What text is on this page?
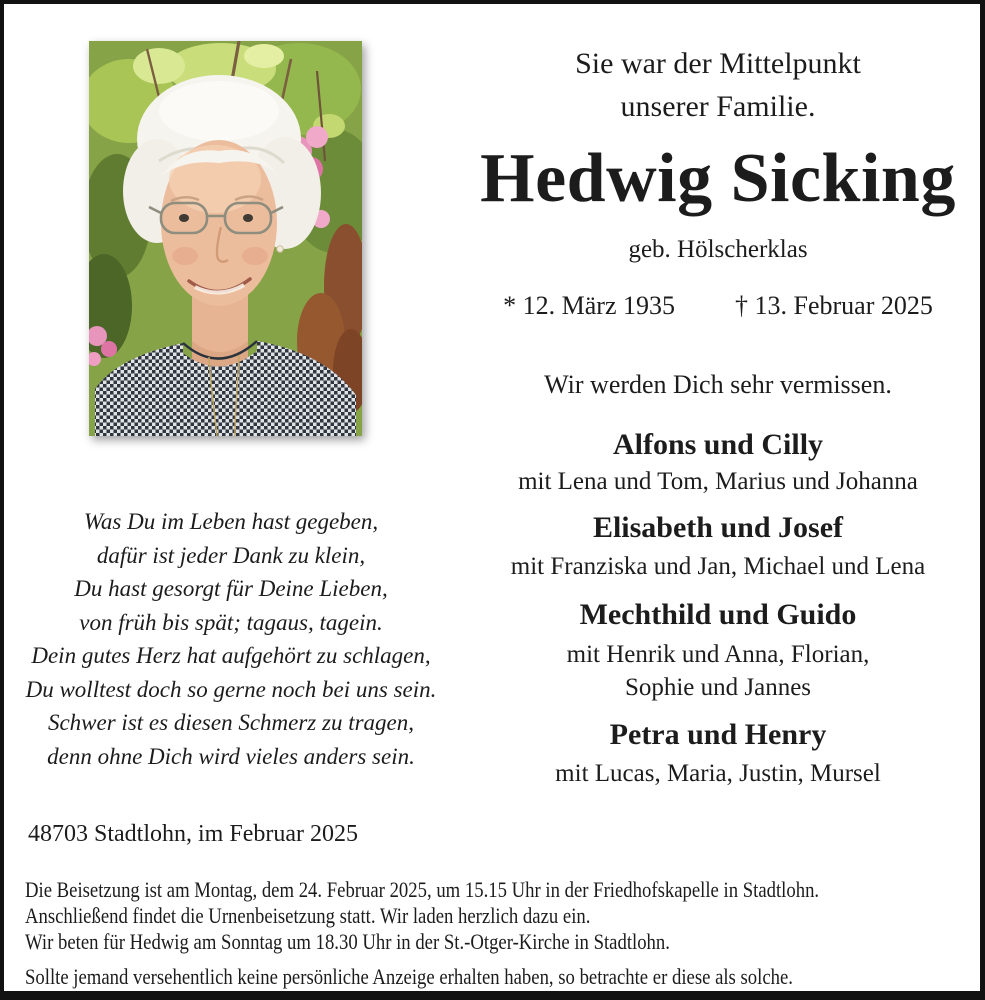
Was Du im Leben hast gegeben,
dafür ist jeder Dank zu klein,
Du hast gesorgt für Deine Lieben,
von früh bis spät; tagaus, tagein.
Dein gutes Herz hat aufgehört zu schlagen,
Du wolltest doch so gerne noch bei uns sein.
Schwer ist es diesen Schmerz zu tragen,
denn ohne Dich wird vieles anders sein.
Sie war der Mittelpunkt
unserer Familie.
Hedwig Sicking
geb. Hölscherklas
* 12. März 1935 † 13. Februar 2025
Wir werden Dich sehr vermissen.
Alfons und Cilly
mit Lena und Tom, Marius und Johanna
Elisabeth und Josef
mit Franziska und Jan, Michael und Lena
Mechthild und Guido
mit Henrik und Anna, Florian,
Sophie und Jannes
Petra und Henry
mit Lucas, Maria, Justin, Mursel
48703 Stadtlohn, im Februar 2025
Die Beisetzung ist am Montag, dem 24. Februar 2025, um 15.15 Uhr in der Friedhofskapelle in Stadtlohn.
Anschließend findet die Urnenbeisetzung statt. Wir laden herzlich dazu ein.
Wir beten für Hedwig am Sonntag um 18.30 Uhr in der St.-Otger-Kirche in Stadtlohn.
Sollte jemand versehentlich keine persönliche Anzeige erhalten haben, so betrachte er diese als solche.
